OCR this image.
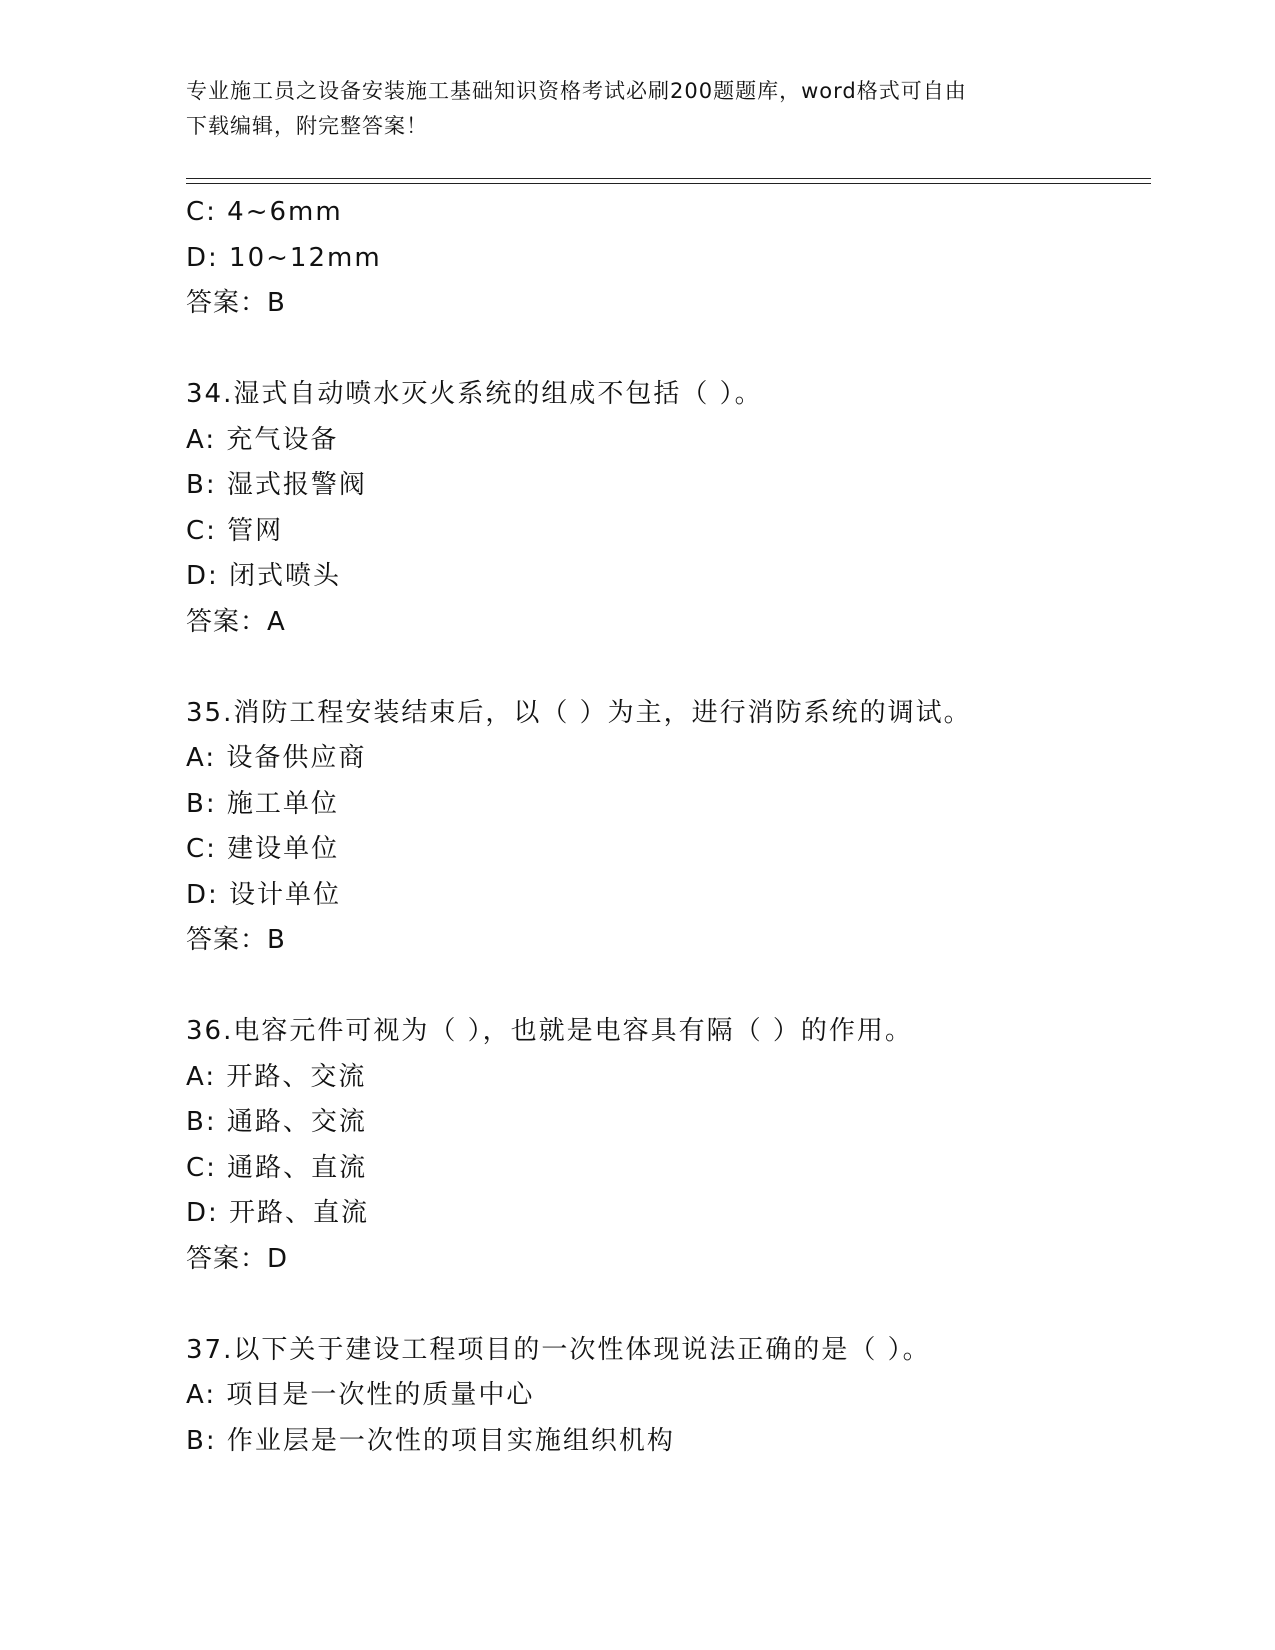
专业施工员之设备安装施工基础知识资格考试必刷200题题库，word格式可自由
下载编辑，附完整答案！
C: 4~6mm
D: 10~12mm
答案：B
34.湿式自动喷水灭火系统的组成不包括（ ）。
A: 充气设备
B: 湿式报警阀
C: 管网
D: 闭式喷头
答案：A
35.消防工程安装结束后，以（ ）为主，进行消防系统的调试。
A: 设备供应商
B: 施工单位
C: 建设单位
D: 设计单位
答案：B
36.电容元件可视为（ ），也就是电容具有隔（ ）的作用。
A: 开路、交流
B: 通路、交流
C: 通路、直流
D: 开路、直流
答案：D
37.以下关于建设工程项目的一次性体现说法正确的是（ ）。
A: 项目是一次性的质量中心
B: 作业层是一次性的项目实施组织机构
